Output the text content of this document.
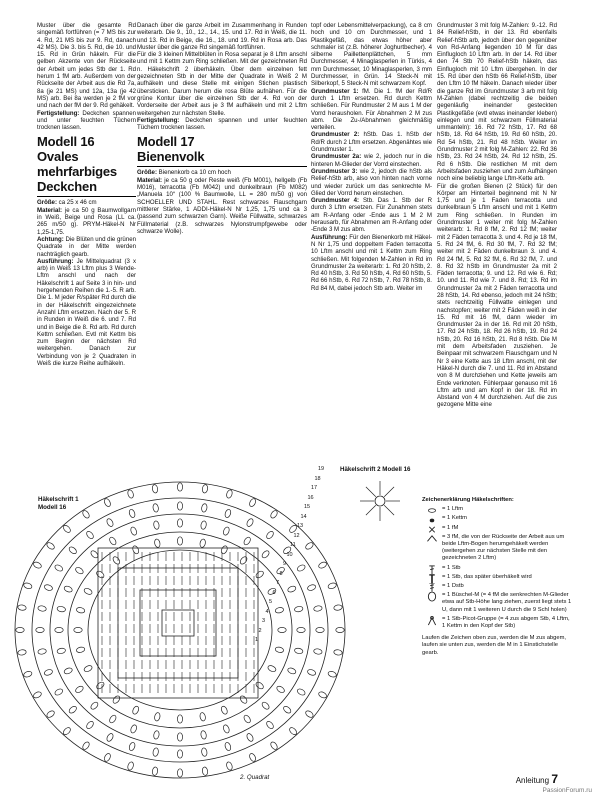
Muster über die gesamte Rd singemäß fortführen (= 7 MS bis zur 4. Rd, 21 MS bis zur 9. Rd, danach 42 MS). Die 3. bis 5. Rd, die 10. und 15. Rd in Grün häkeln. Für die gelben Akzente von der Rückseite der Arbeit um jedes Stb der 1. Rd herum 1 fM arb. Außerdem von der Rückseite der Arbeit aus die Rd 7a, 8a (je 21 MS) und 12a, 13a (je 42 MS) arb. Bei 8a werden je 2 fM vor und nach der fM der 9. Rd gehäkelt.

Fertigstellung: Deckchen spannen und unter feuchten Tüchern trocknen lassen.

Modell 16
Ovales mehrfarbiges Deckchen

Größe: ca 25 x 46 cm

Material: je ca 50 g Baumwollgarn in Weiß, Beige und Rosa (LL ca. 265 m/50 g). PRYM-Häkel-N Nr 1,25-1,75.

Achtung: Die Blüten und die grünen Quadrate in der Mitte werden nachträglich gearb.

Ausführung: Je Mittelquadrat (3 x arb) in Weiß 13 Lftm plus 3 Wende-Lftm anschl und nach der Häkelschrift 1 auf Seite 3 in hin- und hergehenden Reihen die 1.-5. R arb. Die 1. M jeder R/später Rd durch die in der Häkelschrift eingezeichnete Anzahl Lftm ersetzen. Nach der 5. R in Runden in Weiß die 6. und 7. Rd und in Beige die 8. Rd arb. Rd durch Kettm schließen. Evtl mit Kettm bis zum Beginn der nächsten Rd weitergehen. Danach zur Verbindung von je 2 Quadraten in Weiß die kurze Reihe aufhäkeln.

Danach über die ganze Arbeit im Zusammenhang in Runden weiterarb. Die 9., 10., 12., 14., 15. und 17. Rd in Weiß, die 11. und 13. Rd in Beige, die 16., 18. und 19. Rd in Rosa arb. Das Muster über die ganze Rd singemäß fortführen.

Für die 3 kleinen Mittelblüten in Rosa separat je 8 Lftm anschl und mit 1 Kettm zum Ring schließen. Mit der gezeichneten Rd n. Häkelschrift 2 überhäkeln. Über dem einzelnen fett gezeichneten Stb in der Mitte der Quadrate in Weiß 2 M aufhäkeln und diese Stelle mit einigen Stichen plastisch übersticken. Darum herum die rosa Blüte aufnähen. Für die grüne Kontur über die einzelnen Stb der 4. Rd von der Vorderseite der Arbeit aus je 3 fM aufhäkeln und mit 2 Lftm weitergehen zur nächsten Stelle.

Fertigstellung: Deckchen spannen und unter feuchten Tüchern trocknen lassen.

Modell 17
Bienenvolk

Größe: Bienenkorb ca 10 cm hoch

Material: je ca 50 g oder Reste weiß (Fb M001), hellgelb (Fb M016), terracotta (Fb M042) und dunkelbraun (Fb M082) „Manuela 10“ (100 % Baumwolle, LL = 280 m/50 g) von SCHOELLER UND STAHL. Rest schwarzes Flauschgarn mittlerer Stärke, 1 ADDI-Häkel-N Nr 1,25, 1,75 und ca 3 (passend zum schwarzen Garn). Weiße Füllwatte, schwarzes Füllmaterial (z.B. schwarzes Nylonstrumpfgewebe oder schwarze Wolle).

topf oder Lebensmittelverpackung), ca 8 cm hoch und 10 cm Durchmesser, und 1 Plastikgefäß, das etwas höher aber schmaler ist (z.B. höherer Joghurtbecher). 4 silberne Paillettenplättchen, 5 mm Durchmesser, 4 Minaglasperlen in Türkis, 4 mm Durchmesser, 10 Minaglasperlen, 3 mm Durchmesser, in Grün. 14 Steck-N mit Silberkopf, 5 Steck-N mit schwarzem Kopf.

Grundmuster 1: fM. Die 1. fM der Rd/R durch 1 Lftm ersetzen. Rd durch Kettm schließen. Für Rundmuster 2 M aus 1 M der Vorrd herausholen. Für Abnahmen 2 M zus abm. Die Zu-/Abnahmen gleichmäßig verteilen.

Grundmuster 2: hStb. Das 1. hStb der Rd/R durch 2 Lftm ersetzen. Abgenähtes wie Grundmuster 1.

Grundmuster 2a: wie 2, jedoch nur in die hinteren M-Glieder der Vorrd einstechen.

Grundmuster 3: wie 2, jedoch die hStb als Relief-hStb arb, also von hinten nach vorne und wieder zurück um das senkrechte M-Glied der Vorrd herum einstechen.

Grundmuster 4: Stb. Das 1. Stb der R durch 3 Lftm ersetzen. Für Zunahmen stets am R-Anfang oder -Ende aus 1 M 2 M herausarb, für Abnahmen am R-Anfang oder -Ende 3 M zus abm.

Ausführung: Für den Bienenkorb mit Häkel-N Nr 1,75 und doppeltem Faden terracotta 10 Lftm anschl und mit 1 Kettm zum Ring schließen. Mit folgenden M-Zahlen in Rd im Grundmuster 2a weiterarb: 1. Rd 20 hStb, 2. Rd 40 hStb, 3. Rd 50 hStb, 4. Rd 60 hStb, 5. Rd 66 hStb, 6. Rd 72 hStb, 7. Rd 78 hStb, 8. Rd 84 M, dabei jedoch Stb arb. Weiter im

Grundmuster 3 mit folg M-Zahlen: 9.-12. Rd 84 Relief-hStb, in der 13. Rd ebenfalls Relief-hStb arb, jedoch über den gegenüber von Rd-Anfang liegenden 10 M für das Einflugloch 10 Lftm arb. In der 14. Rd über den 74 Stb 70 Relief-hStb häkeln, das Einflugloch mit 10 Lftm übergehen. In der 15. Rd über den hStb 66 Relief-hStb, über den Lftm 10 fM häkeln. Danach wieder über die ganze Rd im Grundmuster 3 arb mit folg M-Zahlen (dabei rechtzeitig die beiden gegenläufig ineinander gesteckten Plastikgefäße (evtl etwas ineinander kleben) einlegen und mit schwarzem Füllmaterial ummanteln): 16. Rd 72 hStb, 17. Rd 68 hStb, 18. Rd 64 hStb, 19. Rd 60 hStb, 20. Rd 54 hStb, 21. Rd 48 hStb. Weiter im Grundmuster 2 mit folg M-Zahlen: 22. Rd 36 hStb, 23. Rd 24 hStb, 24. Rd 12 hStb, 25. Rd 6 hStb. Die restlichen M mit dem Arbeitsfaden zusziehen und zum Aufhängen noch eine beliebig lange Lftm-Kette arb.

Für die großen Bienen (2 Stück) für den Körper am Hinterteil beginnend mit N Nr 1,75 und je 1 Faden terracotta und dunkelbraun 5 Lftm anschl und mit 1 Kettm zum Ring schließen. In Runden im Grundmuster 1 weiter mit folg M-Zahlen weiterarb: 1. Rd 8 fM, 2. Rd 12 fM; weiter mit 2 Fäden terracotta 3. und 4. Rd je 18 fM, 5. Rd 24 fM, 6. Rd 30 fM, 7. Rd 32 fM; weiter mit 2 Fäden dunkelbraun 3. und 4. Rd 24 fM, 5. Rd 32 fM, 6. Rd 32 fM, 7. und 8. Rd 32 hStb im Grundmuster 2a mit 2 Fäden terracotta; 9. und 12. Rd wie 6. Rd; 10. und 11. Rd wie 7. und 8. Rd; 13. Rd im Grundmuster 2a mit 2 Fäden terracotta und 28 hStb, 14. Rd ebenso, jedoch mit 24 hStb; stets rechtzeitig Füllwatte einlegen und nachstopfen; weiter mit 2 Fäden weiß in der 15. Rd mit 16 fM, dann wieder im Grundmuster 2a in der 16. Rd mit 20 hStb, 17. Rd 24 hStb, 18. Rd 26 hStb, 19. Rd 24 hStb, 20. Rd 16 hStb, 21. Rd 8 hStb. Die M mit dem Arbeitsfaden zusziehen. Je Beinpaar mit schwarzem Flauschgarn und N Nr 3 eine Kette aus 18 Lftm anschl, mit der Häkel-N durch die 7. und 11. Rd im Abstand von 8 M durchziehen und Kette jeweils am Ende verknoten. Fühlerpaar genauso mit 16 Lftm arb und am Kopf in der 18. Rd im Abstand von 4 M durchziehen. Auf die zus gezogene Mitte eine

Häkelschrift 1
Modell 16
Häkelschrift 2 Modell 16
2. Quadrat
19
18
17
16
15
14
13
12
11
10
9
8
7
6
5
4
3
2
1
Zeichenerklärung Häkelschriften:
= 1 Lftm
= 1 Kettm
= 1 fM
= 3 fM, die von der Rückseite der Arbeit aus um beide Lftm-Bogen herumgehäkelt werden (weitergehen zur nächsten Stelle mit den gezeichneten 2 Lftm)
= 1 Stb
= 1 Stb, das später überhäkelt wird
= 1 Dstb
= 1 Büschel-M (= 4 fM die senkrechten M-Glieder etwa auf Stb-Höhe lang ziehen, zuerst liegt stets 1 U, dann mit 1 weiteren U durch die 9 Schl holen)
= 1 Stb-Picot-Gruppe (= 4 zus abgem Stb, 4 Lftm, 1 Kettm in den Kopf der Stb)
Laufen die Zeichen oben zus, werden die M zus abgem, laufen sie unten zus, werden die M in 1 Einstichstelle gearb.
Anleitung 7
PassionForum.ru
